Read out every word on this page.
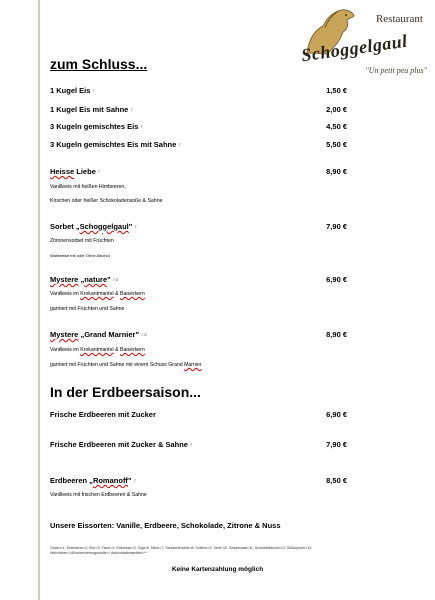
Restaurant
Schoggelgaul
"Un petit peu plus"
zum Schluss...
1 Kugel Eis 7	1,50 €
1 Kugel Eis mit Sahne 7	2,00 €
3 Kugeln gemischtes Eis 7	4,50 €
3 Kugeln gemischtes Eis mit Sahne 7	5,50 €
Heisse Liebe 7	8,90 €
Vanilleeis mit heißen Himbeeren,
Kirschen oder heißer Schokoladensoße & Sahne
Sorbet „Schoggelgaul" 7	7,90 €
Zitronensorbet mit Früchten
Wahlweise mit oder Ohne Alkohol
Mystere „nature" 7,8	6,90 €
Vanilleeis im Krokantmantel & Baiserkern
garniert mit Früchten und Sahne
Mystere „Grand Marnier" 7,8	8,90 €
Vanilleeis im Krokantmantel & Baiserkern
garniert mit Früchten und Sahne mit einem Schuss Grand Marnier
In der Erdbeersaison...
Frische Erdbeeren mit Zucker	6,90 €
Frische Erdbeeren mit Zucker & Sahne 7	7,90 €
Erdbeeren „Romanoff" 7	8,50 €
Vanilleeis mit frischen Erdbeeren & Sahne
Unsere Eissorten: Vanille, Erdbeere, Schokolade, Zitrone & Nuss
Gluten=1, Krebstiere=2, Eier=3, Fisch=4, Erdnüsse=5, Soja=6, Milch=7, Schalenfrüchte=8, Sellerie=9, Senf=10, Sesamsaat=11, Schwefeldioxid=12, Süßlupinen=13, Weichtiere=14Konservierungsstoffe=* Antioxidationsmittel=**
Keine Kartenzahlung möglich
